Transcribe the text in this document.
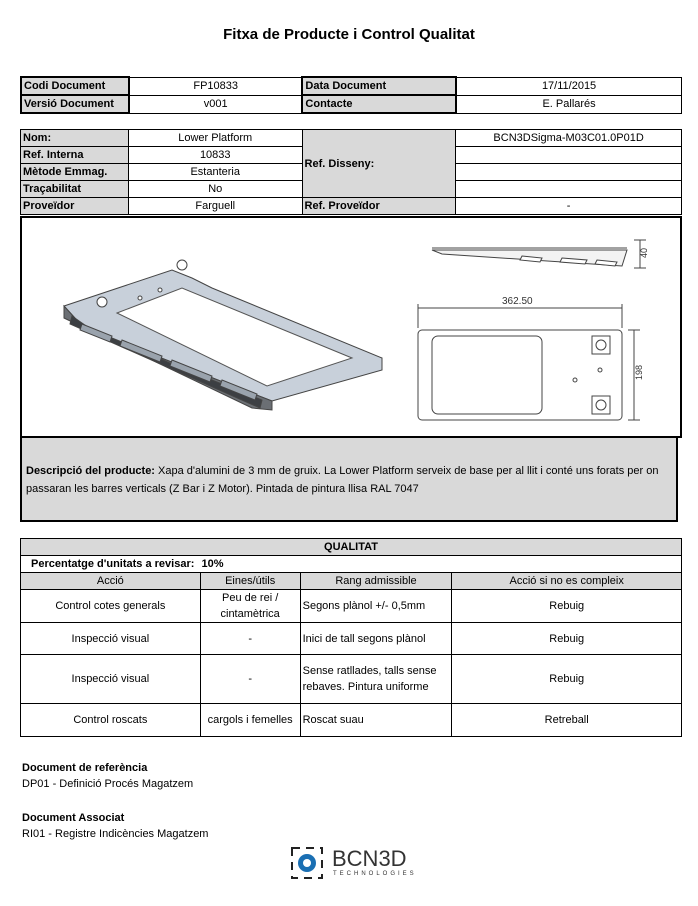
Fitxa de Producte i Control Qualitat
Codi Document	FP10833	Data Document	17/11/2015
Versió Document	v001	Contacte	E. Pallarés
Nom:	Lower Platform	Ref. Disseny:	BCN3DSigma-M03C01.0P01D
Ref. Interna	10833		
Mètode Emmag.	Estanteria		
Traçabilitat	No		
Proveïdor	Farguell	Ref. Proveïdor	-
40
362.50
198
Descripció del producte: Xapa d'alumini de 3 mm de gruix. La Lower Platform serveix de base per al llit i conté uns forats per on passaran les barres verticals (Z Bar i Z Motor). Pintada de pintura llisa RAL 7047
QUALITAT			
Percentatge d'unitats a revisar: 10%			
Acció	Eines/útils	Rang admissible	Acció si no es compleix
Control cotes generals	Peu de rei / cintamètrica	Segons plànol +/- 0,5mm	Rebuig
Inspecció visual	-	Inici de tall segons plànol	Rebuig
Inspecció visual	-	Sense ratllades, talls sense rebaves. Pintura uniforme	Rebuig
Control roscats	cargols i femelles	Roscat suau	Retreball
Document de referència
DP01 - Definició Procés Magatzem
Document Associat
RI01 - Registre Indicències Magatzem
BCN3D
TECHNOLOGIES
